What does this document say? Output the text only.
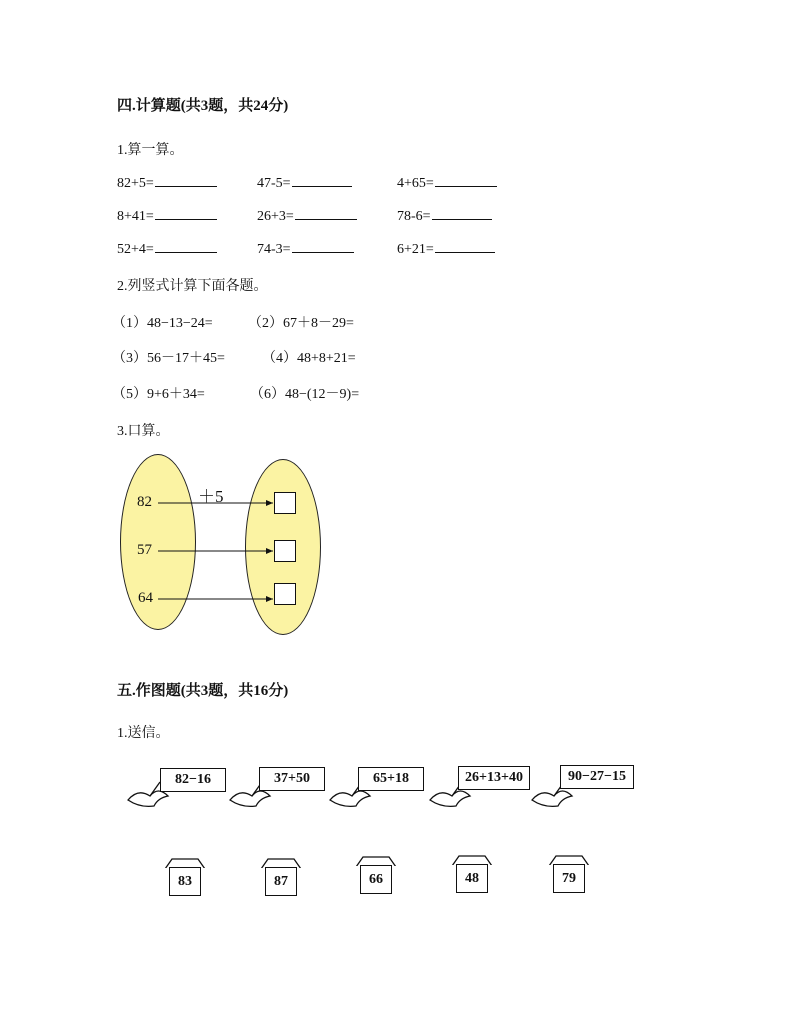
四.计算题(共3题，共24分)
1.算一算。
82+5=	47-5=	4+65=
8+41=	26+3=	78-6=
52+4=	74-3=	6+21=
2.列竖式计算下面各题。
（1）48−13−24=	（2）67＋8－29=
（3）56－17＋45=	（4）48+8+21=
（5）9+6＋34=	（6）48−(12－9)=
3.口算。
＋5
82
57
64
五.作图题(共3题，共16分)
1.送信。
82−16	37+50	65+18	26+13+40	90−27−15
83	87	66	48	79
